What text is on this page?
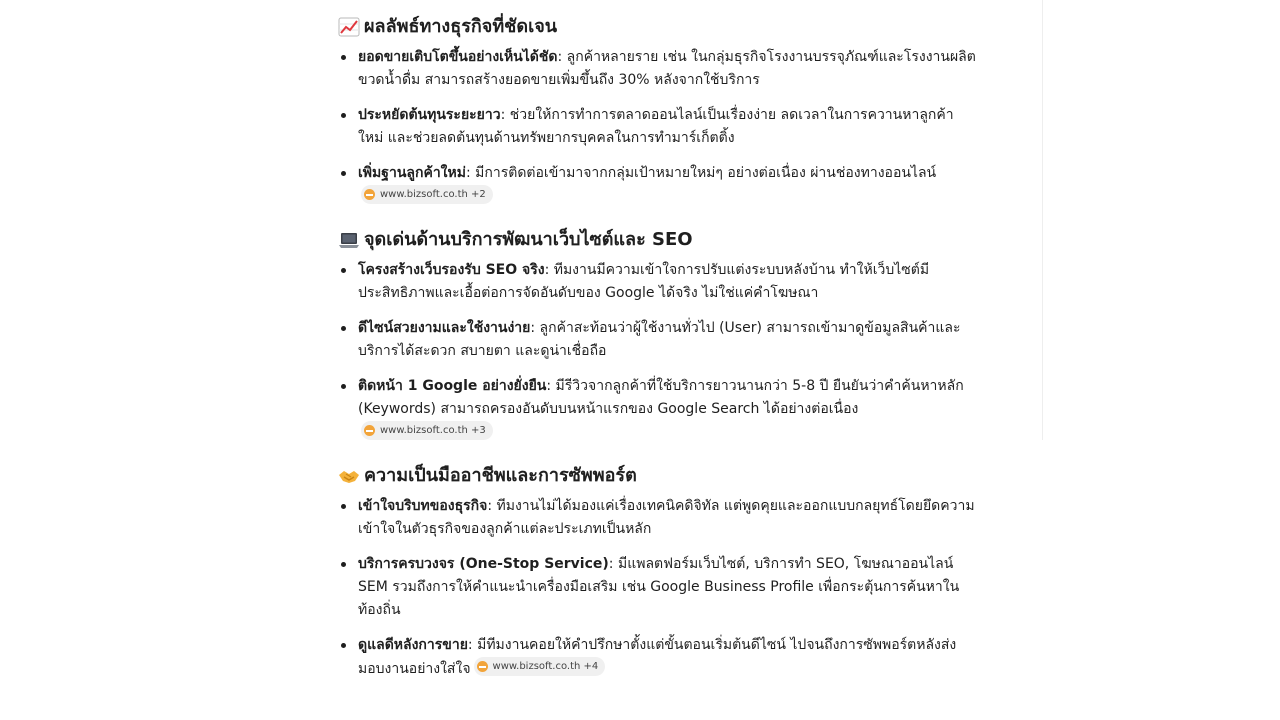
ผลลัพธ์ทางธุรกิจที่ชัดเจน
ยอดขายเติบโตขึ้นอย่างเห็นได้ชัด: ลูกค้าหลายราย เช่น ในกลุ่มธุรกิจโรงงานบรรจุภัณฑ์และโรงงานผลิตขวดน้ำดื่ม สามารถสร้างยอดขายเพิ่มขึ้นถึง 30% หลังจากใช้บริการ
ประหยัดต้นทุนระยะยาว: ช่วยให้การทำการตลาดออนไลน์เป็นเรื่องง่าย ลดเวลาในการควานหาลูกค้าใหม่ และช่วยลดต้นทุนด้านทรัพยากรบุคคลในการทำมาร์เก็ตติ้ง
เพิ่มฐานลูกค้าใหม่: มีการติดต่อเข้ามาจากกลุ่มเป้าหมายใหม่ๆ อย่างต่อเนื่อง ผ่านช่องทางออนไลน์
www.bizsoft.co.th +2
จุดเด่นด้านบริการพัฒนาเว็บไซต์และ SEO
โครงสร้างเว็บรองรับ SEO จริง: ทีมงานมีความเข้าใจการปรับแต่งระบบหลังบ้าน ทำให้เว็บไซต์มีประสิทธิภาพและเอื้อต่อการจัดอันดับของ Google ได้จริง ไม่ใช่แค่คำโฆษณา
ดีไซน์สวยงามและใช้งานง่าย: ลูกค้าสะท้อนว่าผู้ใช้งานทั่วไป (User) สามารถเข้ามาดูข้อมูลสินค้าและบริการได้สะดวก สบายตา และดูน่าเชื่อถือ
ติดหน้า 1 Google อย่างยั่งยืน: มีรีวิวจากลูกค้าที่ใช้บริการยาวนานกว่า 5-8 ปี ยืนยันว่าคำค้นหาหลัก (Keywords) สามารถครองอันดับบนหน้าแรกของ Google Search ได้อย่างต่อเนื่อง
www.bizsoft.co.th +3
ความเป็นมืออาชีพและการซัพพอร์ต
เข้าใจบริบทของธุรกิจ: ทีมงานไม่ได้มองแค่เรื่องเทคนิคดิจิทัล แต่พูดคุยและออกแบบกลยุทธ์โดยยึดความเข้าใจในตัวธุรกิจของลูกค้าแต่ละประเภทเป็นหลัก
บริการครบวงจร (One-Stop Service): มีแพลตฟอร์มเว็บไซต์, บริการทำ SEO, โฆษณาออนไลน์ SEM รวมถึงการให้คำแนะนำเครื่องมือเสริม เช่น Google Business Profile เพื่อกระตุ้นการค้นหาในท้องถิ่น
ดูแลดีหลังการขาย: มีทีมงานคอยให้คำปรึกษาตั้งแต่ขั้นตอนเริ่มต้นดีไซน์ ไปจนถึงการซัพพอร์ตหลังส่งมอบงานอย่างใส่ใจ www.bizsoft.co.th +4
